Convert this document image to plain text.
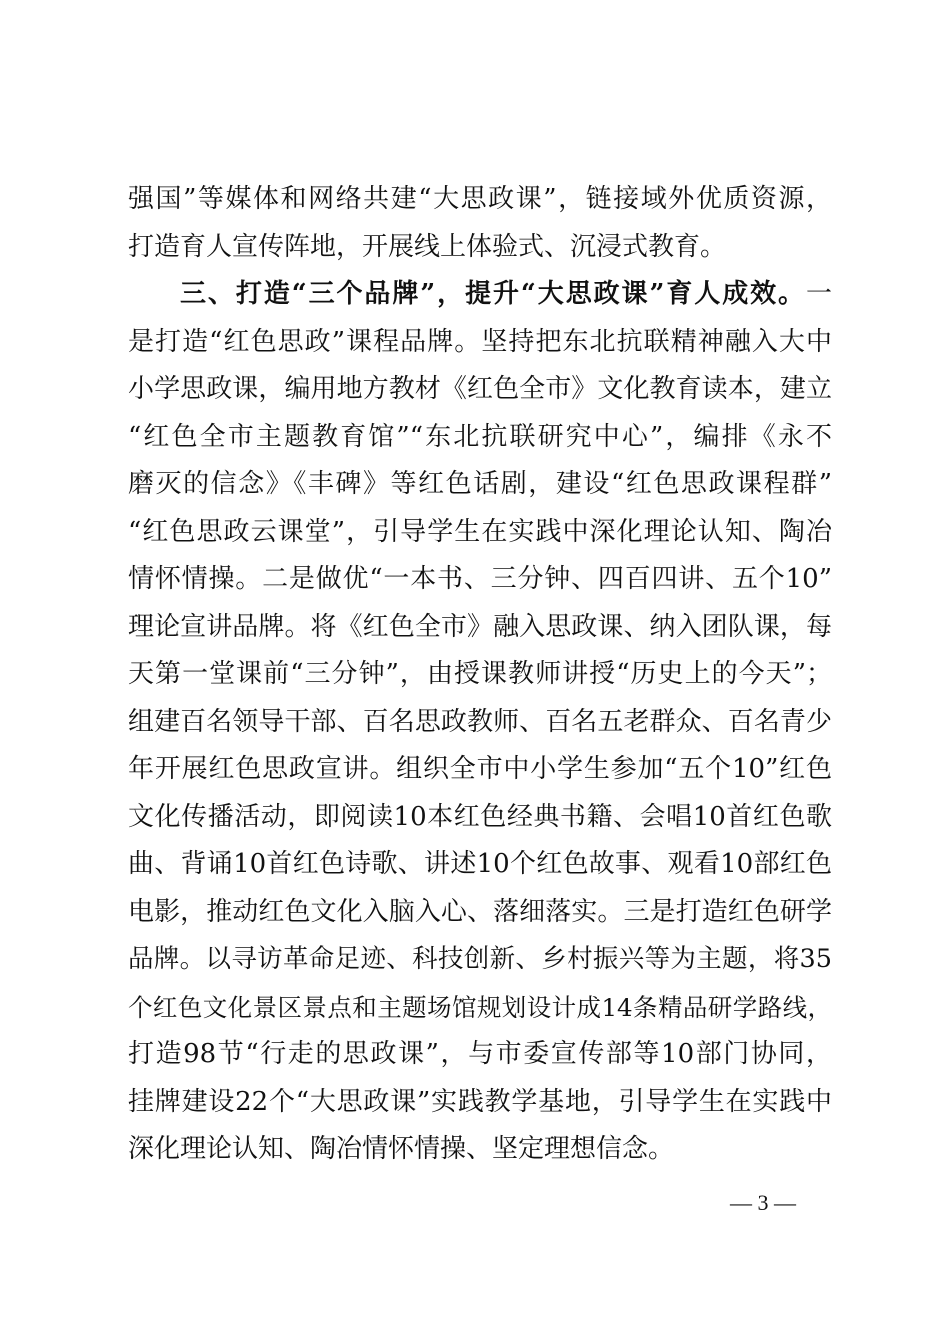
强国”等媒体和网络共建“大思政课”，链接域外优质资源，
打造育人宣传阵地，开展线上体验式、沉浸式教育。
三、打造“三个品牌”，提升“大思政课”育人成效。一
是打造“红色思政”课程品牌。坚持把东北抗联精神融入大中
小学思政课，编用地方教材《红色全市》文化教育读本，建立
“红色全市主题教育馆”“东北抗联研究中心”，编排《永不
磨灭的信念》《丰碑》等红色话剧，建设“红色思政课程群”
“红色思政云课堂”，引导学生在实践中深化理论认知、陶冶
情怀情操。二是做优“一本书、三分钟、四百四讲、五个10”
理论宣讲品牌。将《红色全市》融入思政课、纳入团队课，每
天第一堂课前“三分钟”，由授课教师讲授“历史上的今天”；
组建百名领导干部、百名思政教师、百名五老群众、百名青少
年开展红色思政宣讲。组织全市中小学生参加“五个10”红色
文化传播活动，即阅读10本红色经典书籍、会唱10首红色歌
曲、背诵10首红色诗歌、讲述10个红色故事、观看10部红色
电影，推动红色文化入脑入心、落细落实。三是打造红色研学
品牌。以寻访革命足迹、科技创新、乡村振兴等为主题，将35
个红色文化景区景点和主题场馆规划设计成14条精品研学路线，
打造98节“行走的思政课”，与市委宣传部等10部门协同，
挂牌建设22个“大思政课”实践教学基地，引导学生在实践中
深化理论认知、陶冶情怀情操、坚定理想信念。
— 3 —
